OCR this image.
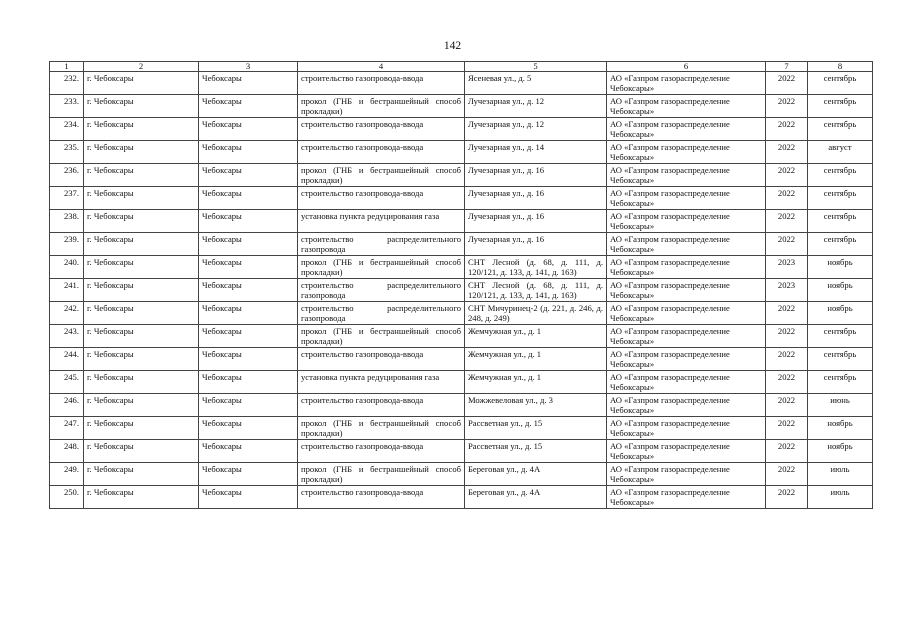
142
1	2	3	4	5	6	7	8
232.	г. Чебоксары	Чебоксары	строительство газопровода-ввода	Ясеневая ул., д. 5	АО «Газпром газораспределение Чебоксары»	2022	сентябрь
233.	г. Чебоксары	Чебоксары	прокол (ГНБ и бестраншейный способ прокладки)	Лучезарная ул., д. 12	АО «Газпром газораспределение Чебоксары»	2022	сентябрь
234.	г. Чебоксары	Чебоксары	строительство газопровода-ввода	Лучезарная ул., д. 12	АО «Газпром газораспределение Чебоксары»	2022	сентябрь
235.	г. Чебоксары	Чебоксары	строительство газопровода-ввода	Лучезарная ул., д. 14	АО «Газпром газораспределение Чебоксары»	2022	август
236.	г. Чебоксары	Чебоксары	прокол (ГНБ и бестраншейный способ прокладки)	Лучезарная ул., д. 16	АО «Газпром газораспределение Чебоксары»	2022	сентябрь
237.	г. Чебоксары	Чебоксары	строительство газопровода-ввода	Лучезарная ул., д. 16	АО «Газпром газораспределение Чебоксары»	2022	сентябрь
238.	г. Чебоксары	Чебоксары	установка пункта редуцирования газа	Лучезарная ул., д. 16	АО «Газпром газораспределение Чебоксары»	2022	сентябрь
239.	г. Чебоксары	Чебоксары	строительство распределительного газопровода	Лучезарная ул., д. 16	АО «Газпром газораспределение Чебоксары»	2022	сентябрь
240.	г. Чебоксары	Чебоксары	прокол (ГНБ и бестраншейный способ прокладки)	СНТ Лесной (д. 68, д. 111, д. 120/121, д. 133, д. 141, д. 163)	АО «Газпром газораспределение Чебоксары»	2023	ноябрь
241.	г. Чебоксары	Чебоксары	строительство распределительного газопровода	СНТ Лесной (д. 68, д. 111, д. 120/121, д. 133, д. 141, д. 163)	АО «Газпром газораспределение Чебоксары»	2023	ноябрь
242.	г. Чебоксары	Чебоксары	строительство распределительного газопровода	СНТ Мичуринец-2 (д. 221, д. 246, д. 248, д. 249)	АО «Газпром газораспределение Чебоксары»	2022	ноябрь
243.	г. Чебоксары	Чебоксары	прокол (ГНБ и бестраншейный способ прокладки)	Жемчужная ул., д. 1	АО «Газпром газораспределение Чебоксары»	2022	сентябрь
244.	г. Чебоксары	Чебоксары	строительство газопровода-ввода	Жемчужная ул., д. 1	АО «Газпром газораспределение Чебоксары»	2022	сентябрь
245.	г. Чебоксары	Чебоксары	установка пункта редуцирования газа	Жемчужная ул., д. 1	АО «Газпром газораспределение Чебоксары»	2022	сентябрь
246.	г. Чебоксары	Чебоксары	строительство газопровода-ввода	Можжевеловая ул., д. 3	АО «Газпром газораспределение Чебоксары»	2022	июнь
247.	г. Чебоксары	Чебоксары	прокол (ГНБ и бестраншейный способ прокладки)	Рассветная ул., д. 15	АО «Газпром газораспределение Чебоксары»	2022	ноябрь
248.	г. Чебоксары	Чебоксары	строительство газопровода-ввода	Рассветная ул., д. 15	АО «Газпром газораспределение Чебоксары»	2022	ноябрь
249.	г. Чебоксары	Чебоксары	прокол (ГНБ и бестраншейный способ прокладки)	Береговая ул., д. 4А	АО «Газпром газораспределение Чебоксары»	2022	июль
250.	г. Чебоксары	Чебоксары	строительство газопровода-ввода	Береговая ул., д. 4А	АО «Газпром газораспределение Чебоксары»	2022	июль
